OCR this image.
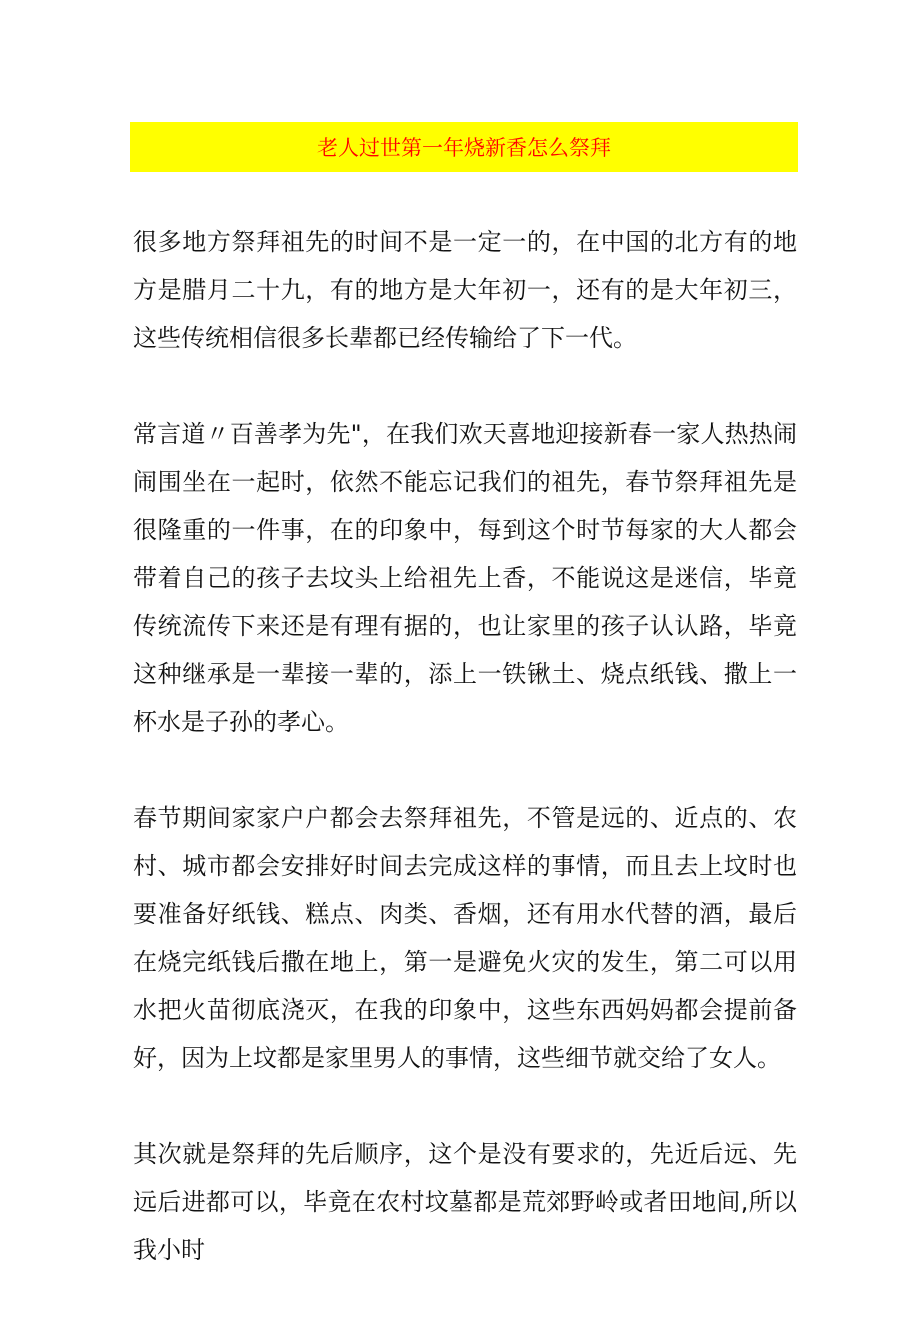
老人过世第一年烧新香怎么祭拜

很多地方祭拜祖先的时间不是一定一的，在中国的北方有的地方是腊月二十九，有的地方是大年初一，还有的是大年初三，这些传统相信很多长辈都已经传输给了下一代。

常言道〃百善孝为先"，在我们欢天喜地迎接新春一家人热热闹闹围坐在一起时，依然不能忘记我们的祖先，春节祭拜祖先是很隆重的一件事，在的印象中，每到这个时节每家的大人都会带着自己的孩子去坟头上给祖先上香，不能说这是迷信，毕竟传统流传下来还是有理有据的，也让家里的孩子认认路，毕竟这种继承是一辈接一辈的，添上一铁锹土、烧点纸钱、撒上一杯水是子孙的孝心。

春节期间家家户户都会去祭拜祖先，不管是远的、近点的、农村、城市都会安排好时间去完成这样的事情，而且去上坟时也要准备好纸钱、糕点、肉类、香烟，还有用水代替的酒，最后在烧完纸钱后撒在地上，第一是避免火灾的发生，第二可以用水把火苗彻底浇灭，在我的印象中，这些东西妈妈都会提前备好，因为上坟都是家里男人的事情，这些细节就交给了女人。

其次就是祭拜的先后顺序，这个是没有要求的，先近后远、先远后进都可以，毕竟在农村坟墓都是荒郊野岭或者田地间,所以我小时
